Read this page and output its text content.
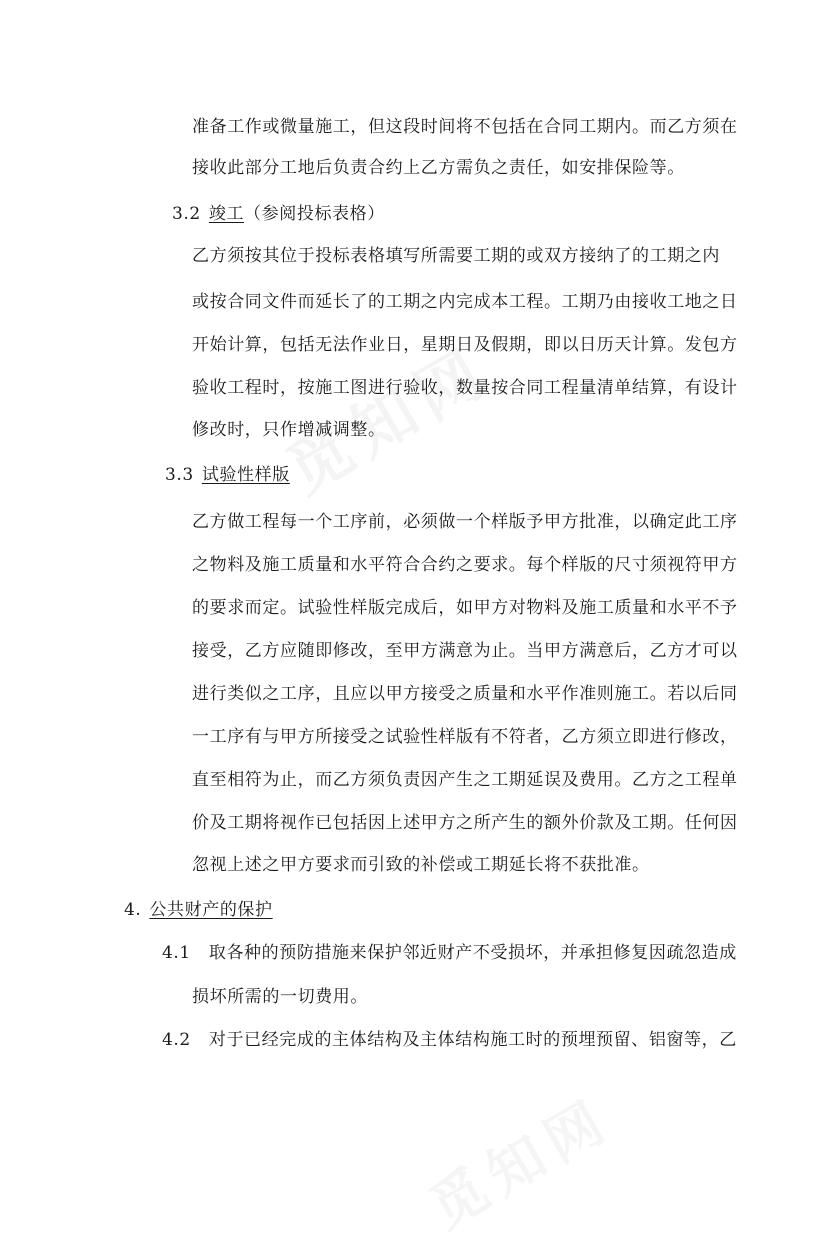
准备工作或微量施工，但这段时间将不包括在合同工期内。而乙方须在

接收此部分工地后负责合约上乙方需负之责任，如安排保险等。

3.2 竣工（参阅投标表格）

乙方须按其位于投标表格填写所需要工期的或双方接纳了的工期之内

或按合同文件而延长了的工期之内完成本工程。工期乃由接收工地之日

开始计算，包括无法作业日，星期日及假期，即以日历天计算。发包方

验收工程时，按施工图进行验收，数量按合同工程量清单结算，有设计

修改时，只作增减调整。

3.3 试验性样版

乙方做工程每一个工序前，必须做一个样版予甲方批准，以确定此工序

之物料及施工质量和水平符合合约之要求。每个样版的尺寸须视符甲方

的要求而定。试验性样版完成后，如甲方对物料及施工质量和水平不予

接受，乙方应随即修改，至甲方满意为止。当甲方满意后，乙方才可以

进行类似之工序，且应以甲方接受之质量和水平作准则施工。若以后同

一工序有与甲方所接受之试验性样版有不符者，乙方须立即进行修改，

直至相符为止，而乙方须负责因产生之工期延误及费用。乙方之工程单

价及工期将视作已包括因上述甲方之所产生的额外价款及工期。任何因

忽视上述之甲方要求而引致的补偿或工期延长将不获批准。

4. 公共财产的保护
4.1 取各种的预防措施来保护邻近财产不受损坏，并承担修复因疏忽造成

损坏所需的一切费用。

4.2 对于已经完成的主体结构及主体结构施工时的预埋预留、铝窗等，乙
